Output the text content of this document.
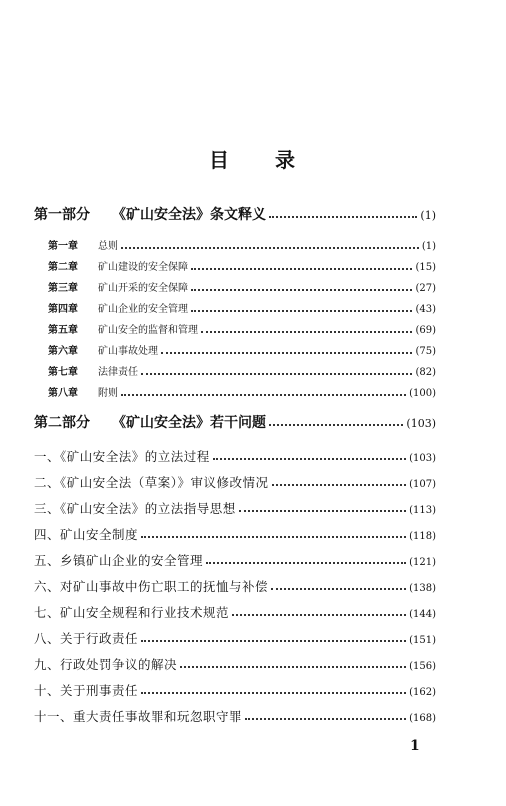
目 录
第一部分 《矿山安全法》条文释义	(1)
第一章 总则	(1)
第二章 矿山建设的安全保障	(15)
第三章 矿山开采的安全保障	(27)
第四章 矿山企业的安全管理	(43)
第五章 矿山安全的监督和管理	(69)
第六章 矿山事故处理	(75)
第七章 法律责任	(82)
第八章 附则	(100)
第二部分 《矿山安全法》若干问题	(103)
一、《矿山安全法》的立法过程	(103)
二、《矿山安全法（草案）》审议修改情况	(107)
三、《矿山安全法》的立法指导思想	(113)
四、矿山安全制度	(118)
五、乡镇矿山企业的安全管理	(121)
六、对矿山事故中伤亡职工的抚恤与补偿	(138)
七、矿山安全规程和行业技术规范	(144)
八、关于行政责任	(151)
九、行政处罚争议的解决	(156)
十、关于刑事责任	(162)
十一、重大责任事故罪和玩忽职守罪	(168)
1
